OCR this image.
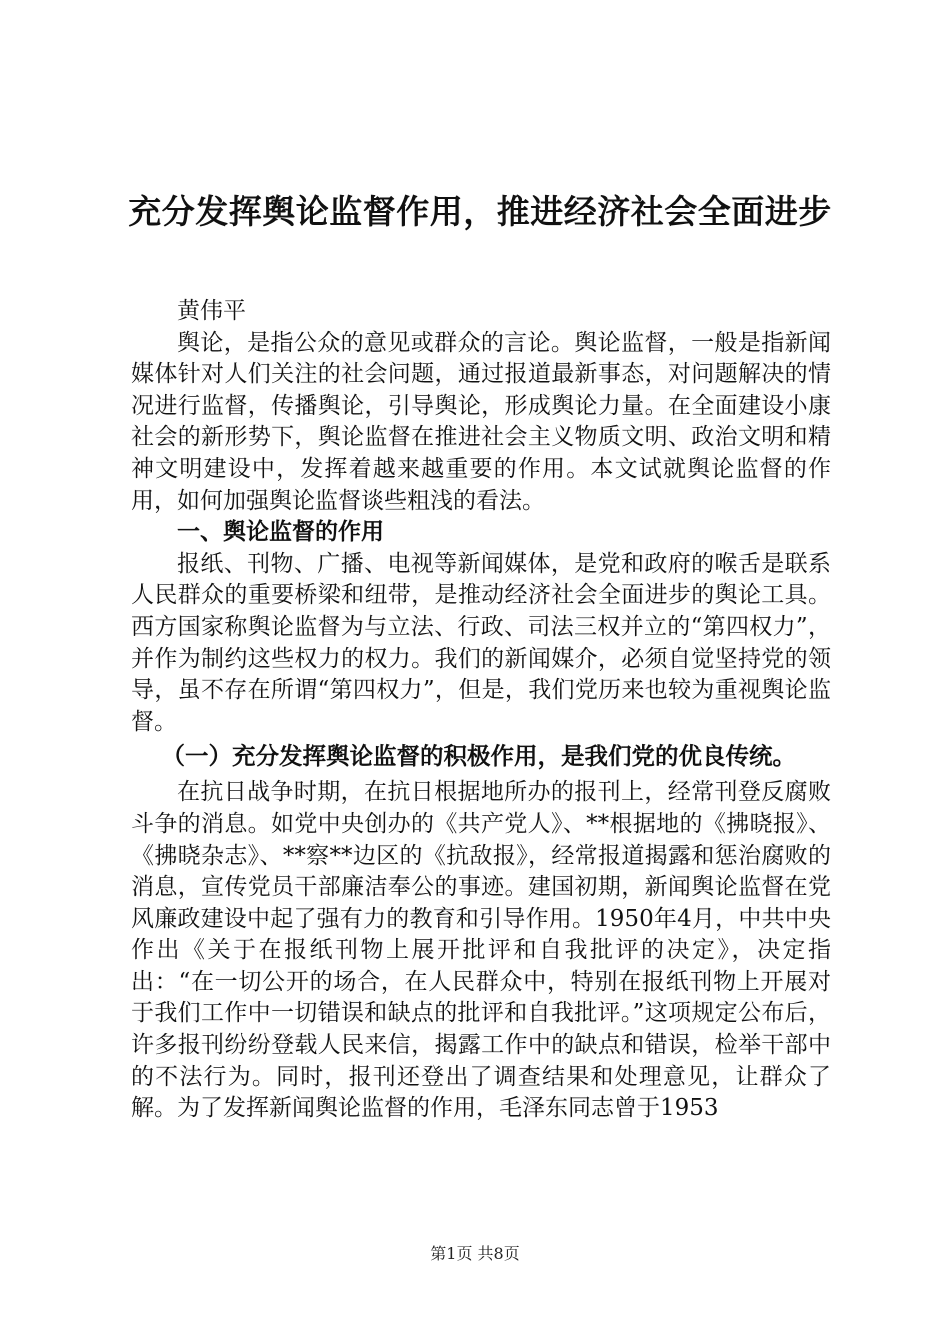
充分发挥舆论监督作用，推进经济社会全面进步

黄伟平

舆论，是指公众的意见或群众的言论。舆论监督，一般是指新闻媒体针对人们关注的社会问题，通过报道最新事态，对问题解决的情况进行监督，传播舆论，引导舆论，形成舆论力量。在全面建设小康社会的新形势下，舆论监督在推进社会主义物质文明、政治文明和精神文明建设中，发挥着越来越重要的作用。本文试就舆论监督的作用，如何加强舆论监督谈些粗浅的看法。

一、舆论监督的作用

报纸、刊物、广播、电视等新闻媒体，是党和政府的喉舌是联系人民群众的重要桥梁和纽带，是推动经济社会全面进步的舆论工具。西方国家称舆论监督为与立法、行政、司法三权并立的“第四权力”，并作为制约这些权力的权力。我们的新闻媒介，必须自觉坚持党的领导，虽不存在所谓“第四权力”，但是，我们党历来也较为重视舆论监督。

（一）充分发挥舆论监督的积极作用，是我们党的优良传统。

在抗日战争时期，在抗日根据地所办的报刊上，经常刊登反腐败斗争的消息。如党中央创办的《共产党人》、**根据地的《拂晓报》、《拂晓杂志》、**察**边区的《抗敌报》，经常报道揭露和惩治腐败的消息，宣传党员干部廉洁奉公的事迹。建国初期，新闻舆论监督在党风廉政建设中起了强有力的教育和引导作用。1950年4月，中共中央作出《关于在报纸刊物上展开批评和自我批评的决定》，决定指出：“在一切公开的场合，在人民群众中，特别在报纸刊物上开展对于我们工作中一切错误和缺点的批评和自我批评。”这项规定公布后，许多报刊纷纷登载人民来信，揭露工作中的缺点和错误，检举干部中的不法行为。同时，报刊还登出了调查结果和处理意见，让群众了解。为了发挥新闻舆论监督的作用，毛泽东同志曾于1953

第1页 共8页
